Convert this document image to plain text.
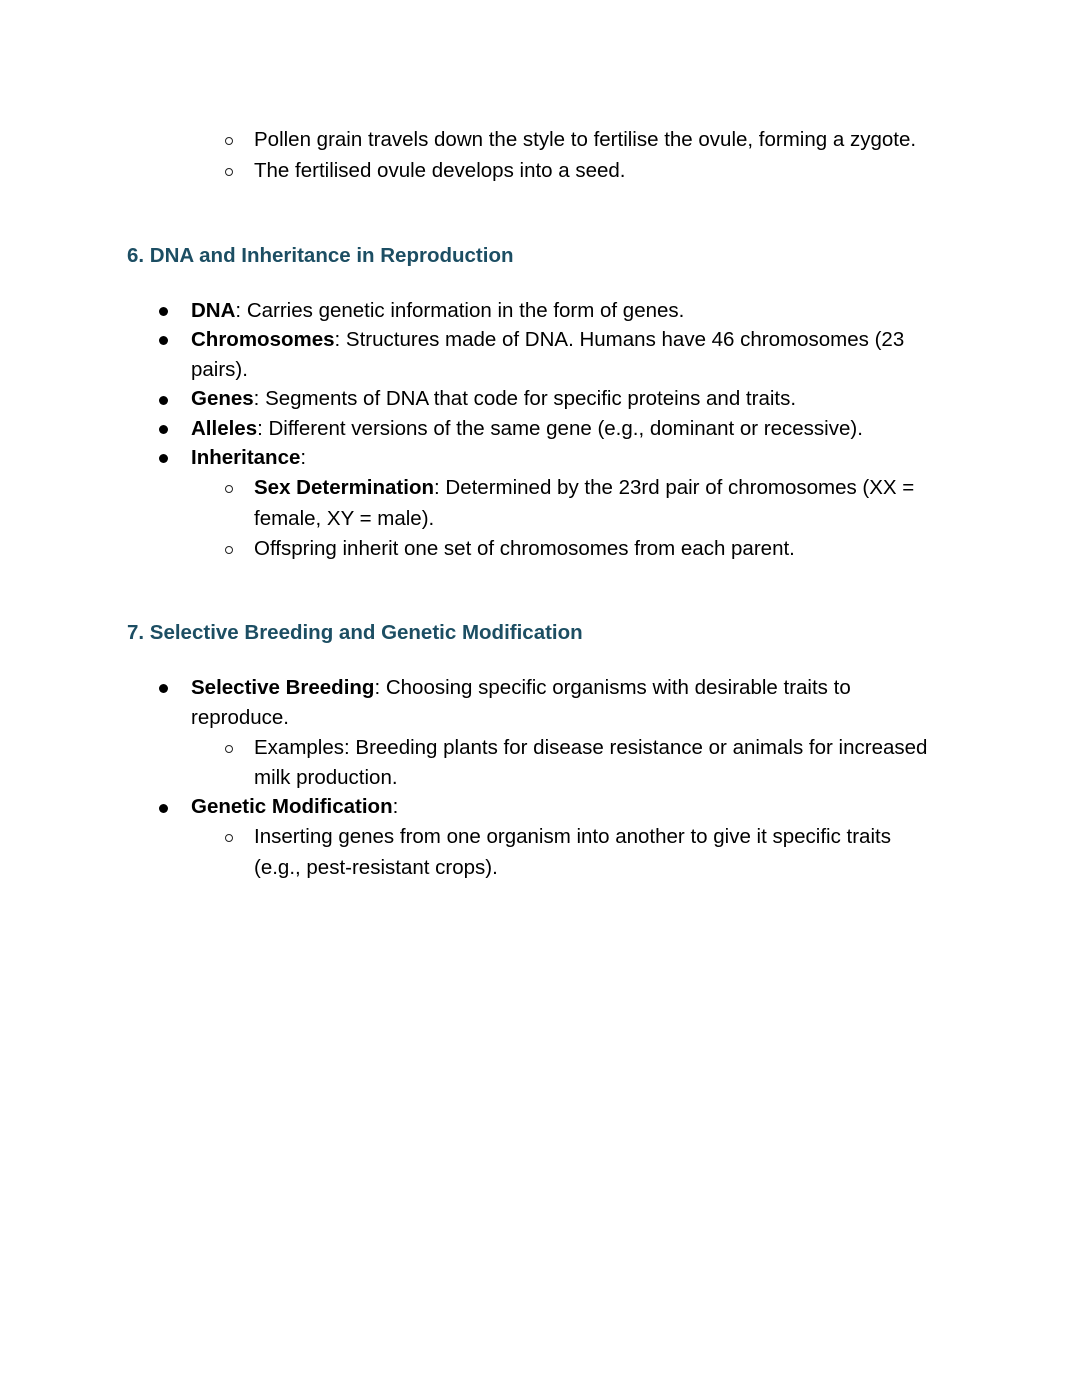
Pollen grain travels down the style to fertilise the ovule, forming a zygote.
The fertilised ovule develops into a seed.
6. DNA and Inheritance in Reproduction
DNA: Carries genetic information in the form of genes.
Chromosomes: Structures made of DNA. Humans have 46 chromosomes (23
pairs).
Genes: Segments of DNA that code for specific proteins and traits.
Alleles: Different versions of the same gene (e.g., dominant or recessive).
Inheritance:
Sex Determination: Determined by the 23rd pair of chromosomes (XX =
female, XY = male).
Offspring inherit one set of chromosomes from each parent.
7. Selective Breeding and Genetic Modification
Selective Breeding: Choosing specific organisms with desirable traits to
reproduce.
Examples: Breeding plants for disease resistance or animals for increased
milk production.
Genetic Modification:
Inserting genes from one organism into another to give it specific traits
(e.g., pest-resistant crops).
